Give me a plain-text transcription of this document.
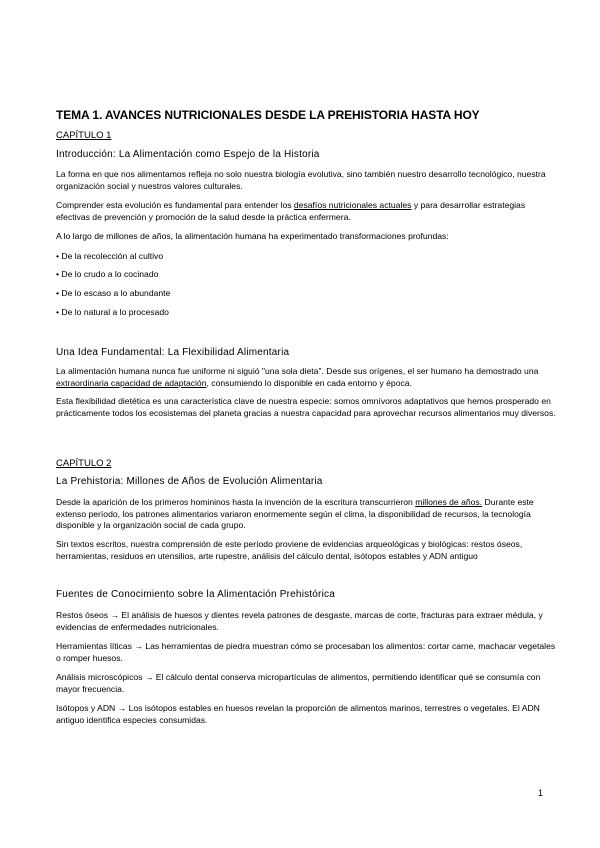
TEMA 1. AVANCES NUTRICIONALES DESDE LA PREHISTORIA HASTA HOY
CAPÍTULO 1
Introducción: La Alimentación como Espejo de la Historia
La forma en que nos alimentamos refleja no solo nuestra biología evolutiva, sino también nuestro desarrollo tecnológico, nuestra organización social y nuestros valores culturales.
Comprender esta evolución es fundamental para entender los desafíos nutricionales actuales y para desarrollar estrategias efectivas de prevención y promoción de la salud desde la práctica enfermera.
A lo largo de millones de años, la alimentación humana ha experimentado transformaciones profundas:
• De la recolección al cultivo
• De lo crudo a lo cocinado
• De lo escaso a lo abundante
• De lo natural a lo procesado
Una Idea Fundamental: La Flexibilidad Alimentaria
La alimentación humana nunca fue uniforme ni siguió "una sola dieta". Desde sus orígenes, el ser humano ha demostrado una extraordinaria capacidad de adaptación, consumiendo lo disponible en cada entorno y época.
Esta flexibilidad dietética es una característica clave de nuestra especie: somos omnívoros adaptativos que hemos prosperado en prácticamente todos los ecosistemas del planeta gracias a nuestra capacidad para aprovechar recursos alimentarios muy diversos.
CAPÍTULO 2
La Prehistoria: Millones de Años de Evolución Alimentaria
Desde la aparición de los primeros homininos hasta la invención de la escritura transcurrieron millones de años. Durante este extenso período, los patrones alimentarios variaron enormemente según el clima, la disponibilidad de recursos, la tecnología disponible y la organización social de cada grupo.
Sin textos escritos, nuestra comprensión de este período proviene de evidencias arqueológicas y biológicas: restos óseos, herramientas, residuos en utensilios, arte rupestre, análisis del cálculo dental, isótopos estables y ADN antiguo
Fuentes de Conocimiento sobre la Alimentación Prehistórica
Restos óseos → El análisis de huesos y dientes revela patrones de desgaste, marcas de corte, fracturas para extraer médula, y evidencias de enfermedades nutricionales.
Herramientas líticas → Las herramientas de piedra muestran cómo se procesaban los alimentos: cortar carne, machacar vegetales o romper huesos.
Análisis microscópicos → El cálculo dental conserva micropartículas de alimentos, permitiendo identificar qué se consumía con mayor frecuencia.
Isótopos y ADN → Los isótopos estables en huesos revelan la proporción de alimentos marinos, terrestres o vegetales. El ADN antiguo identifica especies consumidas.
1
